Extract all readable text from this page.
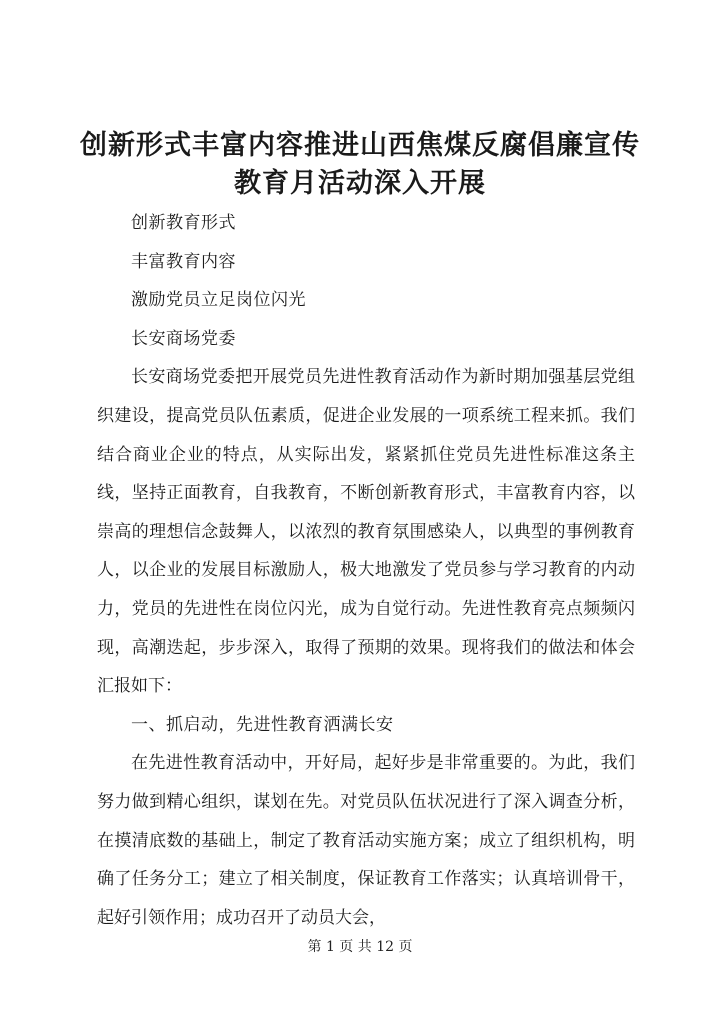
创新形式丰富内容推进山西焦煤反腐倡廉宣传
教育月活动深入开展

创新教育形式

丰富教育内容

激励党员立足岗位闪光

长安商场党委

长安商场党委把开展党员先进性教育活动作为新时期加强基层党组织建设，提高党员队伍素质，促进企业发展的一项系统工程来抓。我们结合商业企业的特点，从实际出发，紧紧抓住党员先进性标准这条主线，坚持正面教育，自我教育，不断创新教育形式，丰富教育内容，以崇高的理想信念鼓舞人，以浓烈的教育氛围感染人，以典型的事例教育人，以企业的发展目标激励人，极大地激发了党员参与学习教育的内动力，党员的先进性在岗位闪光，成为自觉行动。先进性教育亮点频频闪现，高潮迭起，步步深入，取得了预期的效果。现将我们的做法和体会汇报如下：

一、抓启动，先进性教育洒满长安

在先进性教育活动中，开好局，起好步是非常重要的。为此，我们努力做到精心组织，谋划在先。对党员队伍状况进行了深入调查分析，在摸清底数的基础上，制定了教育活动实施方案；成立了组织机构，明确了任务分工；建立了相关制度，保证教育工作落实；认真培训骨干，起好引领作用；成功召开了动员大会，

第 1 页 共 12 页
